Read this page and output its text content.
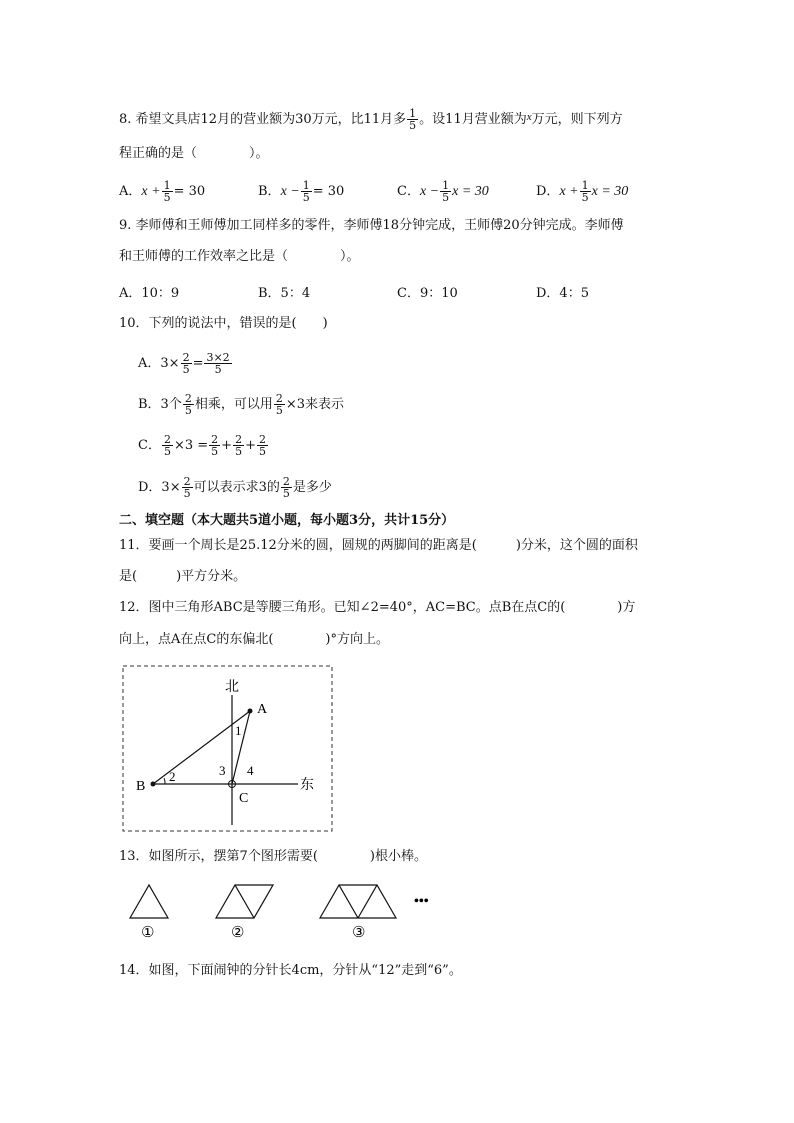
8. 希望文具店12月的营业额为30万元，比11月多 $\frac{1}{5}$ 。设11月营业额为$^x$万元，则下列方
程正确的是（　　　　）。
A．$x + \frac{1}{5} = 30$	B．$x - \frac{1}{5} = 30$	C．$x - \frac{1}{5}$ x = 30	D．$x + \frac{1}{5}$ x = 30
9. 李师傅和王师傅加工同样多的零件，李师傅18分钟完成，王师傅20分钟完成。李师傅
和王师傅的工作效率之比是（　　　　）。
A．10：9	B．5：4	C．9：10	D．4：5
10．下列的说法中，错误的是(　　)
A．$3\times \frac{2}{5} = \frac{3\times 2}{5}$
B．3个 $\frac{2}{5}$ 相乘，可以用 $\frac{2}{5} \times 3$来表示
C． $\frac{2}{5} \times 3 = \frac{2}{5} + \frac{2}{5} + \frac{2}{5}$
D．$3\times \frac{2}{5}$ 可以表示求3的 $\frac{2}{5}$ 是多少
二、填空题（本大题共5道小题，每小题3分，共计15分）
11．要画一个周长是25.12分米的圆，圆规的两脚间的距离是(　　　)分米，这个圆的面积
是(　　　)平方分米。
12．图中三角形ABC是等腰三角形。已知∠2=40°，AC=BC。点B在点C的(　　　　)方
向上，点A在点C的东偏北(　　　　)°方向上。
北
东
A
B
C
1
2	3 4
13．如图所示，摆第7个图形需要(　　　　)根小棒。
①	②	③
•••
14．如图，下面闹钟的分针长4cm，分针从“12”走到“6”。
